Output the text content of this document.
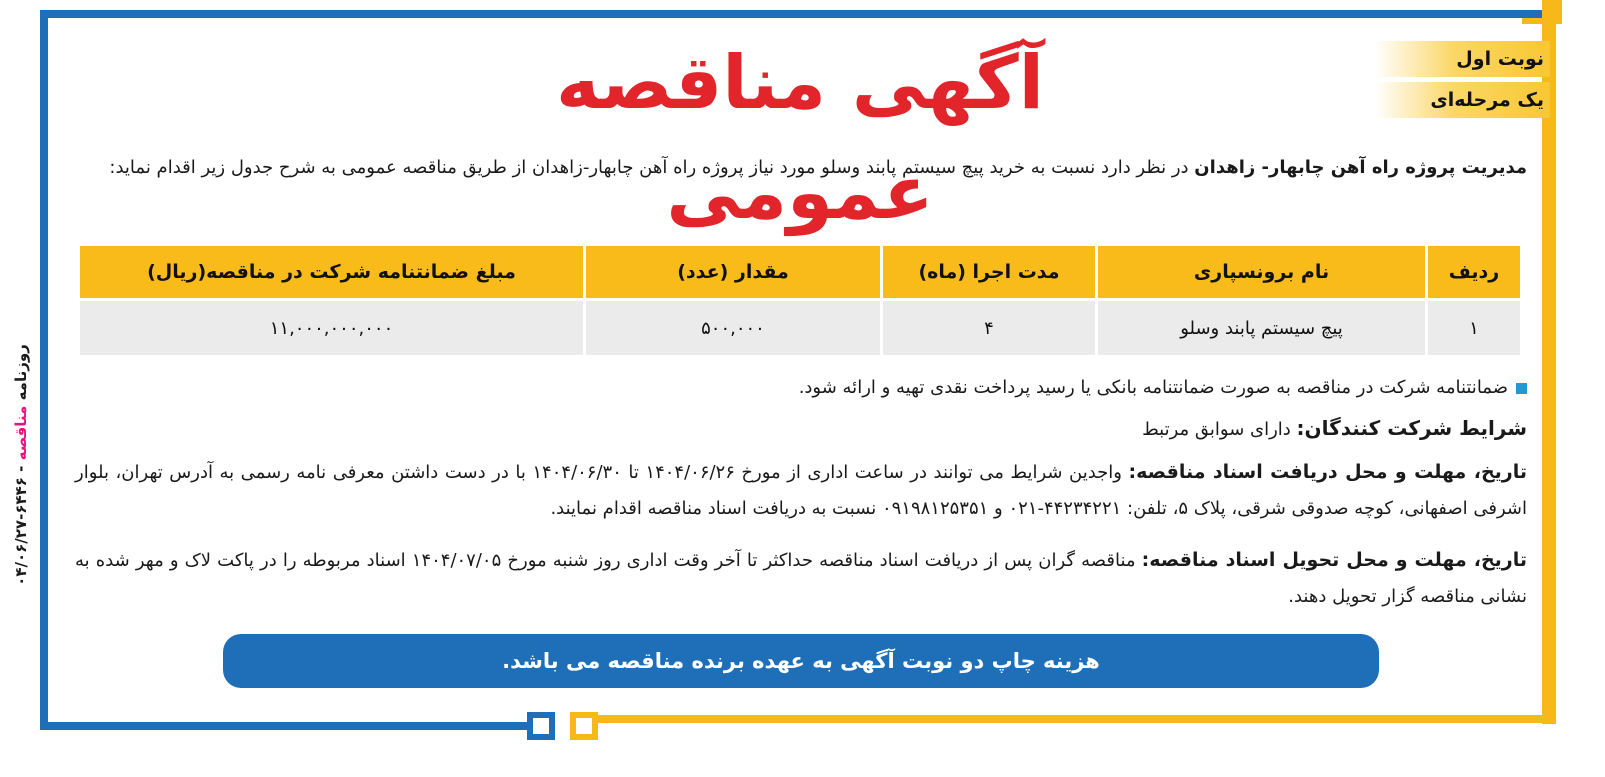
روزنامه مناقصه - ۶۴۴۶-۰۴/۰۶/۲۷
نوبت اول
یک مرحله‌ای
آگهی مناقصه عمومی	مدیریت پروژه راه آهن چابهار- زاهدان در نظر دارد نسبت به خرید پیچ سیستم پابند وسلو مورد نیاز پروژه راه آهن چابهار-زاهدان از طریق مناقصه عمومی به شرح جدول زیر اقدام نماید:
ردیف	نام برونسپاری	مدت اجرا (ماه)	مقدار (عدد)	مبلغ ضمانتنامه شرکت در مناقصه(ریال)
۱	پیچ سیستم پابند وسلو	۴	۵۰۰,۰۰۰	۱۱,۰۰۰,۰۰۰,۰۰۰
ضمانتنامه شرکت در مناقصه به صورت ضمانتنامه بانکی یا رسید پرداخت نقدی تهیه و ارائه شود.
شرایط شرکت کنندگان: دارای سوابق مرتبط
تاریخ، مهلت و محل دریافت اسناد مناقصه: واجدین شرایط می توانند در ساعت اداری از مورخ ۱۴۰۴/۰۶/۲۶ تا ۱۴۰۴/۰۶/۳۰ با در دست داشتن معرفی نامه رسمی به آدرس تهران، بلوار اشرفی اصفهانی، کوچه صدوقی شرقی، پلاک ۵، تلفن: ۴۴۲۳۴۲۲۱-۰۲۱ و ۰۹۱۹۸۱۲۵۳۵۱ نسبت به دریافت اسناد مناقصه اقدام نمایند.
تاریخ، مهلت و محل تحویل اسناد مناقصه: مناقصه گران پس از دریافت اسناد مناقصه حداکثر تا آخر وقت اداری روز شنبه مورخ ۱۴۰۴/۰۷/۰۵ اسناد مربوطه را در پاکت لاک و مهر شده به نشانی مناقصه گزار تحویل دهند.
هزینه چاپ دو نوبت آگهی به عهده برنده مناقصه می باشد.
